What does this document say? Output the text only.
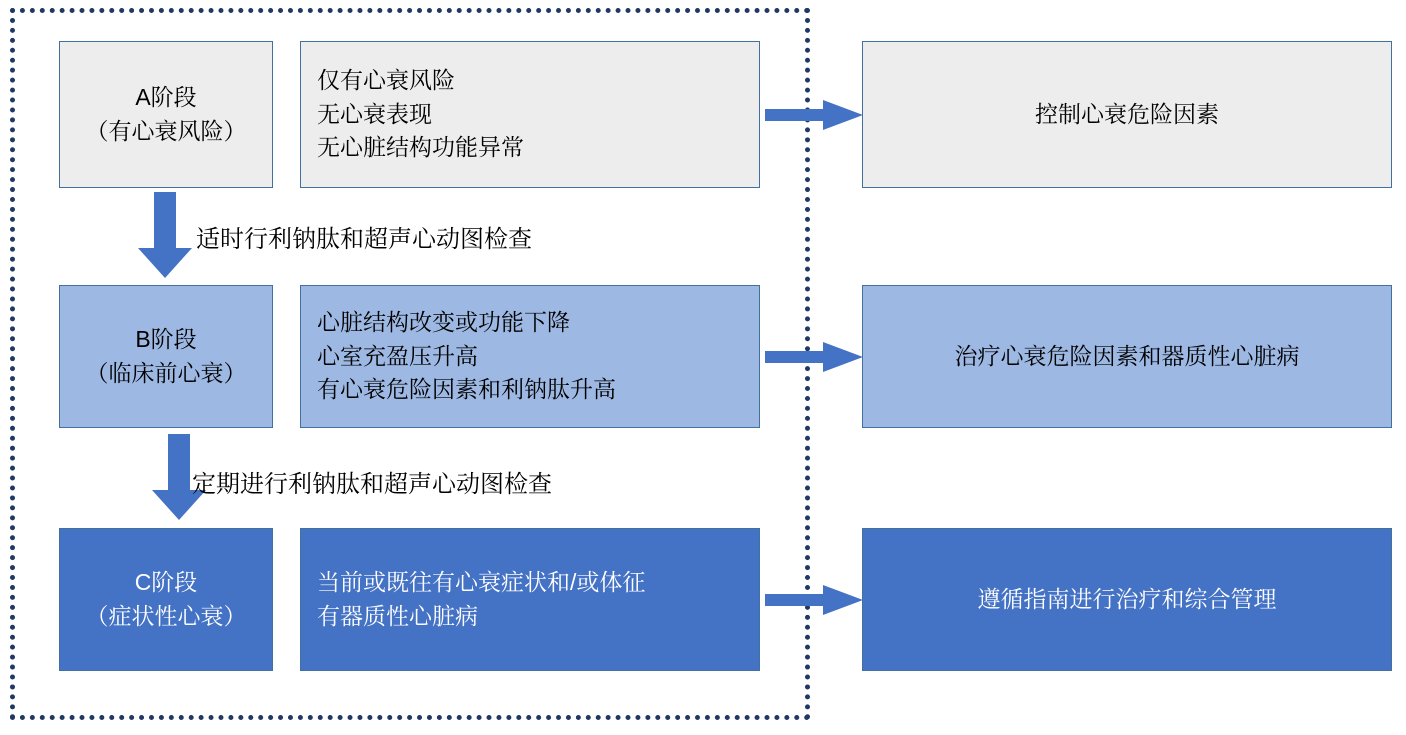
A阶段
（有心衰风险）
仅有心衰风险
无心衰表现
无心脏结构功能异常
控制心衰危险因素
适时行利钠肽和超声心动图检查
B阶段
（临床前心衰）
心脏结构改变或功能下降
心室充盈压升高
有心衰危险因素和利钠肽升高
治疗心衰危险因素和器质性心脏病
定期进行利钠肽和超声心动图检查
C阶段
（症状性心衰）
当前或既往有心衰症状和/或体征
有器质性心脏病
遵循指南进行治疗和综合管理
